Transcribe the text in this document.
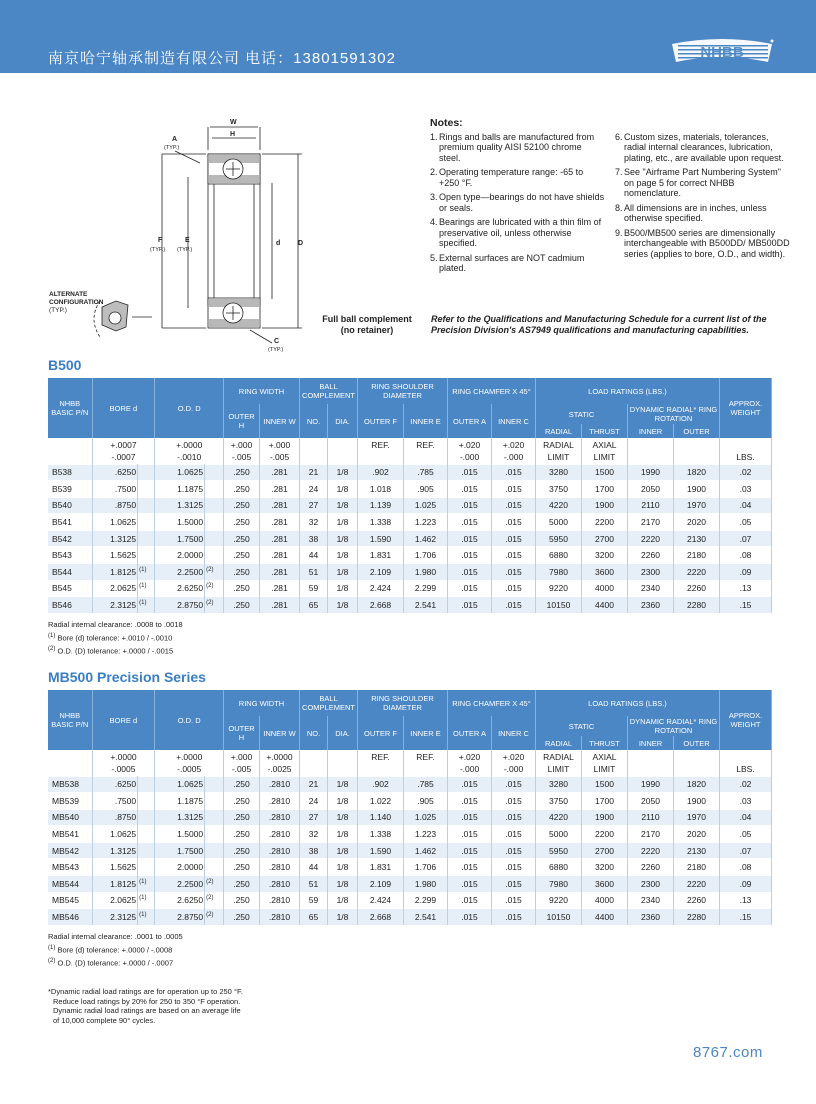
南京哈宁轴承制造有限公司 电话：13801591302	NHBB
W
H
A
(TYP.)
F
(TYP.)
E
(TYP.)
d	D
C
(TYP.)
ALTERNATE
CONFIGURATION
(TYP.)
Notes:
1. Rings and balls are manufactured from premium quality AISI 52100 chrome steel.
2. Operating temperature range: -65 to +250 °F.
3. Open type—bearings do not have shields or seals.
4. Bearings are lubricated with a thin film of preservative oil, unless otherwise specified.
5. External surfaces are NOT cadmium plated.
6. Custom sizes, materials, tolerances, radial internal clearances, lubrication, plating, etc., are available upon request.
7. See "Airframe Part Numbering System" on page 5 for correct NHBB nomenclature.
8. All dimensions are in inches, unless otherwise specified.
9. B500/MB500 series are dimensionally interchangeable with B500DD/ MB500DD series (applies to bore, O.D., and width).
Full ball complement (no retainer)
Refer to the Qualifications and Manufacturing Schedule for a current list of the Precision Division's AS7949 qualifications and manufacturing capabilities.
B500
NHBB BASIC P/N	BORE d		O.D. D		RING WIDTH		BALL COMPLEMENT		RING SHOULDER DIAMETER		RING CHAMFER X 45°		LOAD RATINGS (LBS.)				APPROX. WEIGHT
					OUTER H	INNER W	NO.	DIA.	OUTER F	INNER E	OUTER A	INNER C	STATIC		DYNAMIC RADIAL* RING ROTATION		
													RADIAL	THRUST	INNER	OUTER	
	+.0007		+.0000		+.000	+.000			REF.	REF.	+.020	+.020	RADIAL	AXIAL			
	-.0007		-.0010		-.005	-.005					-.000	-.000	LIMIT	LIMIT			LBS.
B538	.6250		1.0625		.250	.281	21	1/8	.902	.785	.015	.015	3280	1500	1990	1820	.02
B539	.7500		1.1875		.250	.281	24	1/8	1.018	.905	.015	.015	3750	1700	2050	1900	.03
B540	.8750		1.3125		.250	.281	27	1/8	1.139	1.025	.015	.015	4220	1900	2110	1970	.04
B541	1.0625		1.5000		.250	.281	32	1/8	1.338	1.223	.015	.015	5000	2200	2170	2020	.05
B542	1.3125		1.7500		.250	.281	38	1/8	1.590	1.462	.015	.015	5950	2700	2220	2130	.07
B543	1.5625		2.0000		.250	.281	44	1/8	1.831	1.706	.015	.015	6880	3200	2260	2180	.08
B544	1.8125	$^{(1)}$	2.2500	$^{(2)}$	.250	.281	51	1/8	2.109	1.980	.015	.015	7980	3600	2300	2220	.09
B545	2.0625	$^{(1)}$	2.6250	$^{(2)}$	.250	.281	59	1/8	2.424	2.299	.015	.015	9220	4000	2340	2260	.13
B546	2.3125	$^{(1)}$	2.8750	$^{(2)}$	.250	.281	65	1/8	2.668	2.541	.015	.015	10150	4400	2360	2280	.15
Radial internal clearance: .0008 to .0018
$^{(1)}$ Bore (d) tolerance: +.0010 / -.0010
$^{(2)}$ O.D. (D) tolerance: +.0000 / -.0015
MB500 Precision Series
NHBB BASIC P/N	BORE d		O.D. D		RING WIDTH		BALL COMPLEMENT		RING SHOULDER DIAMETER		RING CHAMFER X 45°		LOAD RATINGS (LBS.)				APPROX. WEIGHT
					OUTER H	INNER W	NO.	DIA.	OUTER F	INNER E	OUTER A	INNER C	STATIC		DYNAMIC RADIAL* RING ROTATION		
													RADIAL	THRUST	INNER	OUTER	
	+.0000		+.0000		+.000	+.0000			REF.	REF.	+.020	+.020	RADIAL	AXIAL			
	-.0005		-.0005		-.005	-.0025					-.000	-.000	LIMIT	LIMIT			LBS.
MB538	.6250		1.0625		.250	.2810	21	1/8	.902	.785	.015	.015	3280	1500	1990	1820	.02
MB539	.7500		1.1875		.250	.2810	24	1/8	1.022	.905	.015	.015	3750	1700	2050	1900	.03
MB540	.8750		1.3125		.250	.2810	27	1/8	1.140	1.025	.015	.015	4220	1900	2110	1970	.04
MB541	1.0625		1.5000		.250	.2810	32	1/8	1.338	1.223	.015	.015	5000	2200	2170	2020	.05
MB542	1.3125		1.7500		.250	.2810	38	1/8	1.590	1.462	.015	.015	5950	2700	2220	2130	.07
MB543	1.5625		2.0000		.250	.2810	44	1/8	1.831	1.706	.015	.015	6880	3200	2260	2180	.08
MB544	1.8125	$^{(1)}$	2.2500	$^{(2)}$	.250	.2810	51	1/8	2.109	1.980	.015	.015	7980	3600	2300	2220	.09
MB545	2.0625	$^{(1)}$	2.6250	$^{(2)}$	.250	.2810	59	1/8	2.424	2.299	.015	.015	9220	4000	2340	2260	.13
MB546	2.3125	$^{(1)}$	2.8750	$^{(2)}$	.250	.2810	65	1/8	2.668	2.541	.015	.015	10150	4400	2360	2280	.15
Radial internal clearance: .0001 to .0005
$^{(1)}$ Bore (d) tolerance: +.0000 / -.0008
$^{(2)}$ O.D. (D) tolerance: +.0000 / -.0007
*Dynamic radial load ratings are for operation up to 250 °F.
Reduce load ratings by 20% for 250 to 350 °F operation.
Dynamic radial load ratings are based on an average life
of 10,000 complete 90° cycles.
8767.com
